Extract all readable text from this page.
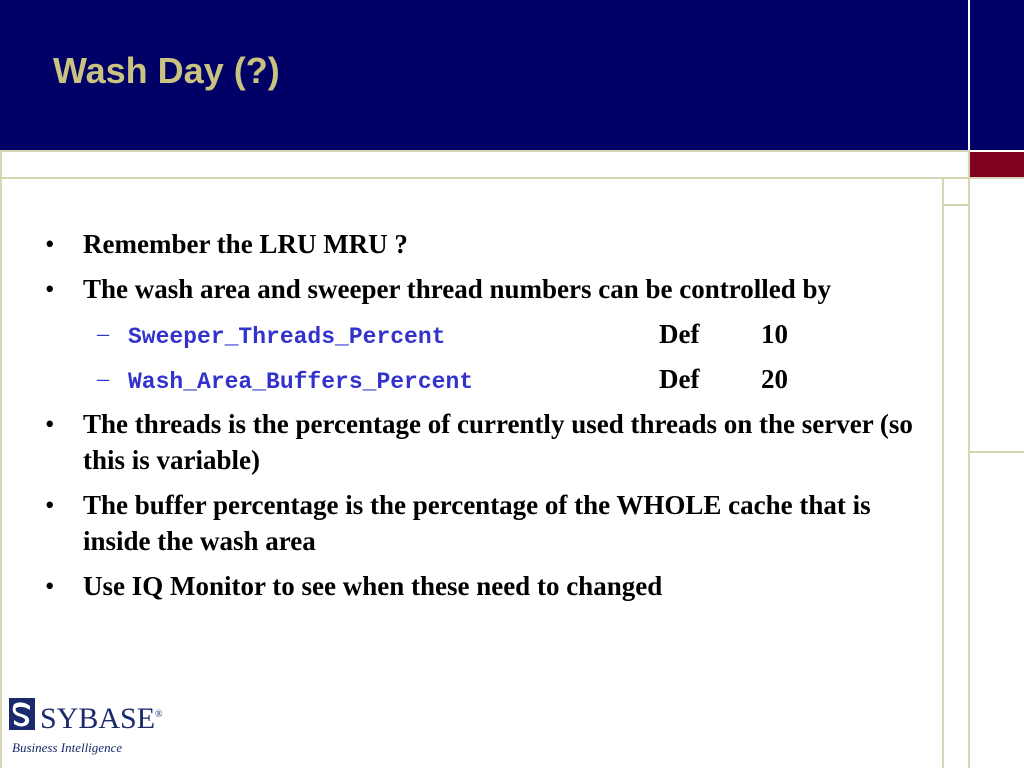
Wash Day (?)
• Remember the LRU MRU ?
• The wash area and sweeper thread numbers can be controlled by
– Sweeper_Threads_Percent	Def 10
– Wash_Area_Buffers_Percent	Def 20
• The threads is the percentage of currently used threads on the server (so this is variable)
• The buffer percentage is the percentage of the WHOLE cache that is inside the wash area
• Use IQ Monitor to see when these need to changed
SYBASE®
Business Intelligence
